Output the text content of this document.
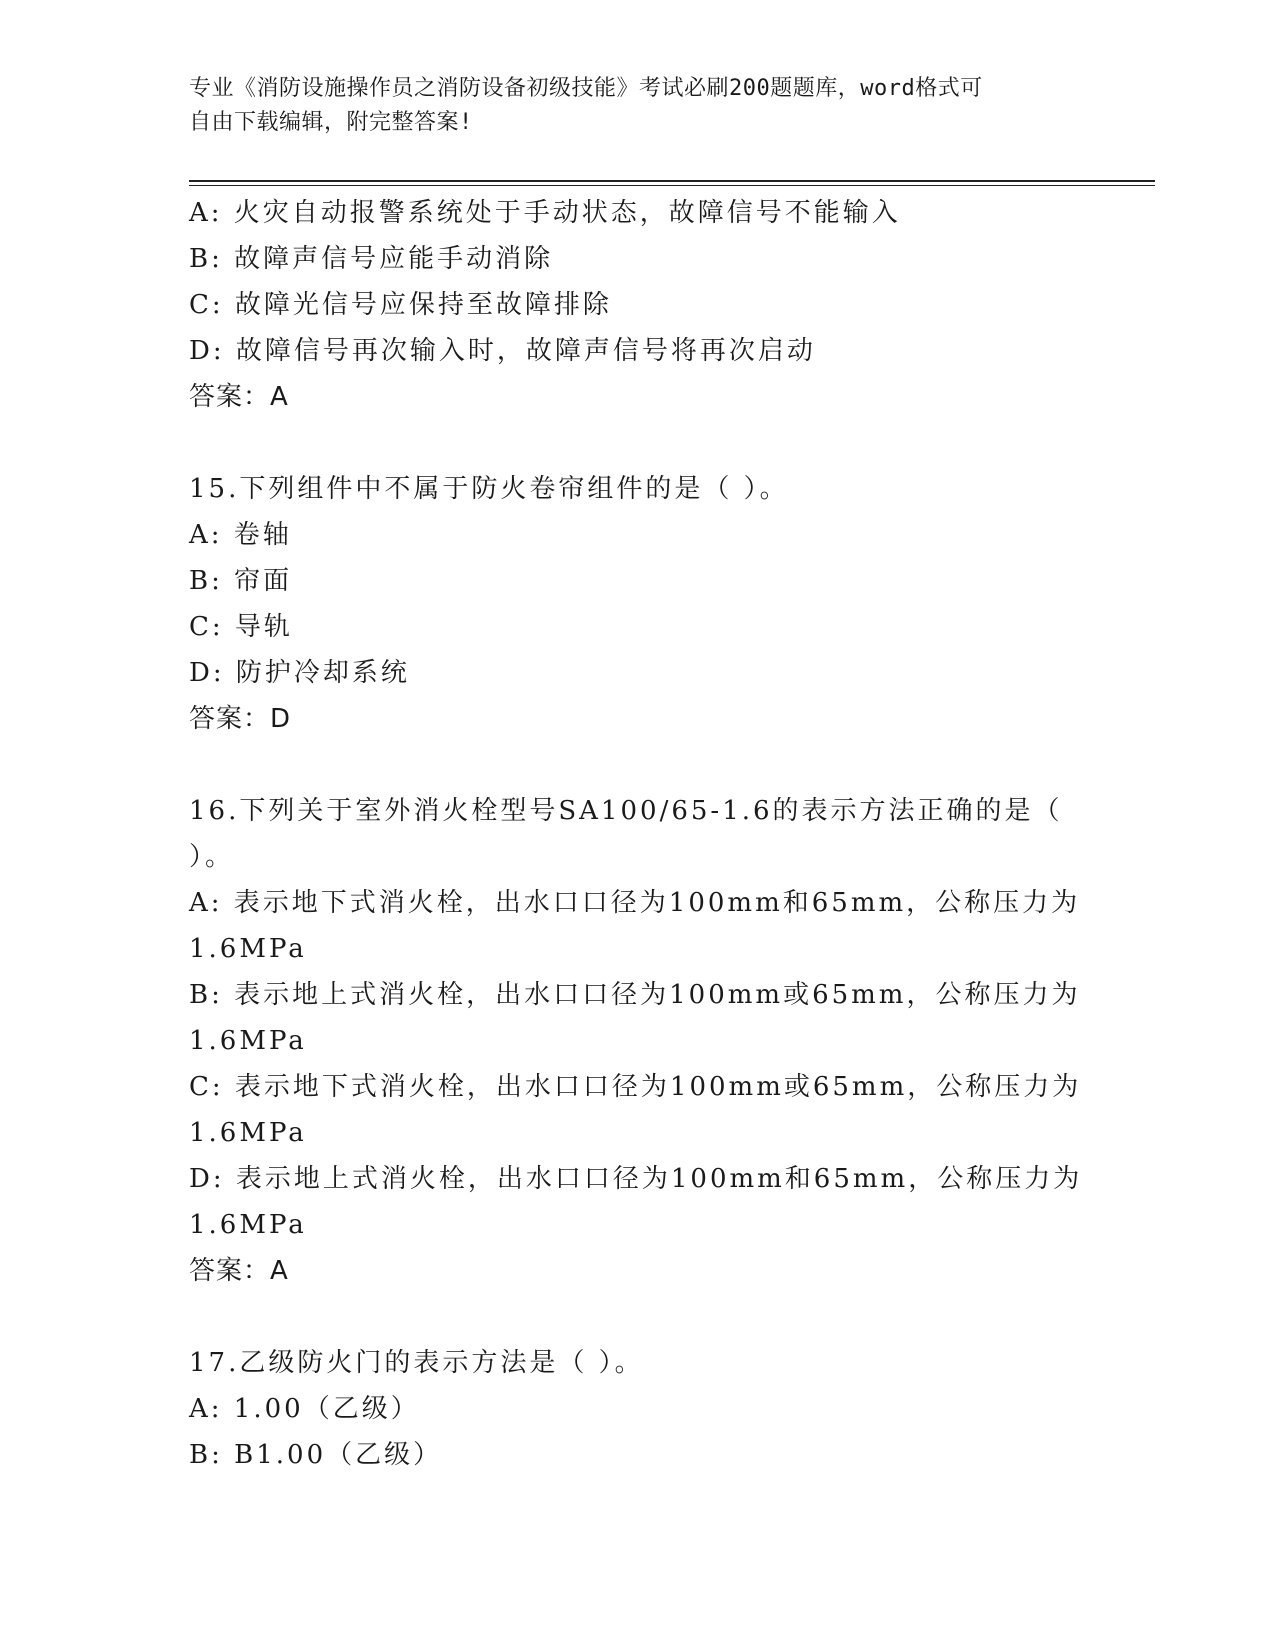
专业《消防设施操作员之消防设备初级技能》考试必刷200题题库，word格式可
自由下载编辑，附完整答案!
A: 火灾自动报警系统处于手动状态，故障信号不能输入
B: 故障声信号应能手动消除
C: 故障光信号应保持至故障排除
D: 故障信号再次输入时，故障声信号将再次启动
答案：A
15.下列组件中不属于防火卷帘组件的是（ ）。
A: 卷轴
B: 帘面
C: 导轨
D: 防护冷却系统
答案：D
16.下列关于室外消火栓型号SA100/65-1.6的表示方法正确的是（
）。
A: 表示地下式消火栓，出水口口径为100mm和65mm，公称压力为
1.6MPa
B: 表示地上式消火栓，出水口口径为100mm或65mm，公称压力为
1.6MPa
C: 表示地下式消火栓，出水口口径为100mm或65mm，公称压力为
1.6MPa
D: 表示地上式消火栓，出水口口径为100mm和65mm，公称压力为
1.6MPa
答案：A
17.乙级防火门的表示方法是（ ）。
A: 1.00（乙级）
B: B1.00（乙级）
